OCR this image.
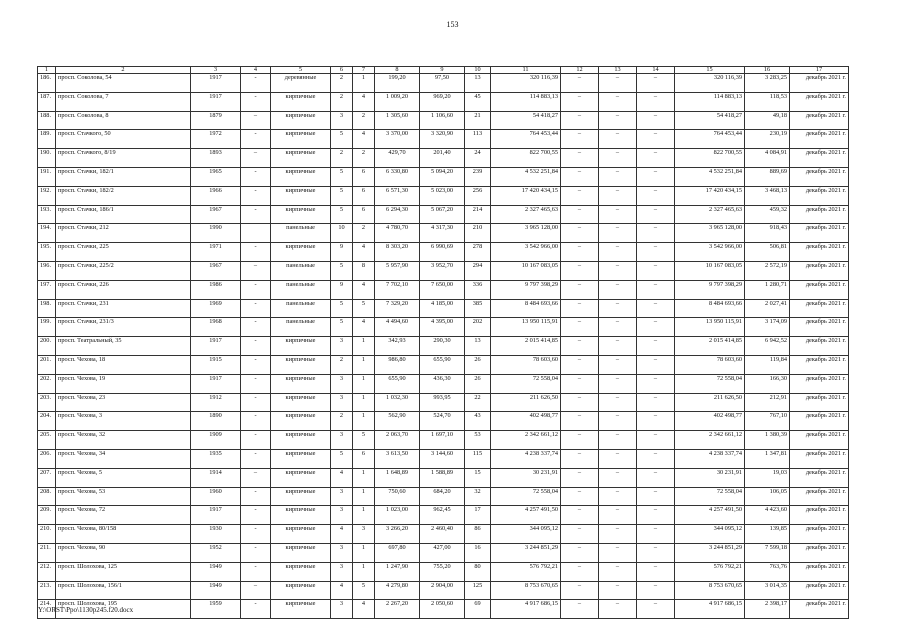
153
1	2	3	4	5	6	7	8	9	10	11	12	13	14	15	16	17
186.	просп. Соколова, 54	1917	-	деревянные	2	1	199,20	97,50	13	320 116,39	–	–	–	320 116,39	3 283,25	декабрь 2021 г.
187.	просп. Соколова, 7	1917	-	кирпичные	2	4	1 009,20	969,20	45	114 883,13	–	–	–	114 883,13	118,53	декабрь 2021 г.
188.	просп. Соколова, 8	1879	–	кирпичные	3	2	1 305,60	1 106,60	21	54 418,27	–	–	–	54 418,27	49,18	декабрь 2021 г.
189.	просп. Стачкого, 50	1972	-	кирпичные	5	4	3 370,00	3 320,90	113	764 453,44	–	–	–	764 453,44	230,19	декабрь 2021 г.
190.	просп. Стачкого, 8/19	1893	–	кирпичные	2	2	429,70	201,40	24	822 700,55	–	–	–	822 700,55	4 084,91	декабрь 2021 г.
191.	просп. Стачки, 182/1	1965	-	кирпичные	5	6	6 330,80	5 094,20	239	4 532 251,84	–	–	–	4 532 251,84	889,69	декабрь 2021 г.
192.	просп. Стачки, 182/2	1966	-	кирпичные	5	6	6 571,30	5 023,00	256	17 420 434,15	–	–	–	17 420 434,15	3 468,13	декабрь 2021 г.
193.	просп. Стачки, 186/1	1967	-	кирпичные	5	6	6 294,30	5 067,20	214	2 327 465,63	–	–	–	2 327 465,63	459,32	декабрь 2021 г.
194.	просп. Стачки, 212	1990		панельные	10	2	4 780,70	4 317,30	210	3 965 128,00	–	–	–	3 965 128,00	918,43	декабрь 2021 г.
195.	просп. Стачки, 225	1971	-	кирпичные	9	4	8 303,20	6 990,69	278	3 542 966,00	–	–	–	3 542 966,00	506,81	декабрь 2021 г.
196.	просп. Стачки, 225/2	1967	–	панельные	5	8	5 957,90	3 952,70	294	10 167 083,05	–	–	–	10 167 083,05	2 572,19	декабрь 2021 г.
197.	просп. Стачки, 226	1986	-	панельные	9	4	7 702,10	7 650,00	336	9 797 398,29	–	–	–	9 797 398,29	1 280,71	декабрь 2021 г.
198.	просп. Стачки, 231	1969	-	панельные	5	5	7 329,20	4 185,00	385	8 484 693,66	–	–	–	8 484 693,66	2 027,41	декабрь 2021 г.
199.	просп. Стачки, 231/3	1968	-	панельные	5	4	4 494,60	4 395,00	202	13 950 115,91	–	–	–	13 950 115,91	3 174,09	декабрь 2021 г.
200.	просп. Театральный, 35	1917	-	кирпичные	3	1	342,93	290,30	13	2 015 414,85	–	–	–	2 015 414,85	6 942,52	декабрь 2021 г.
201.	просп. Чехова, 18	1915	-	кирпичные	2	1	986,80	655,90	26	78 603,60	–	–	–	78 603,60	119,84	декабрь 2021 г.
202.	просп. Чехова, 19	1917	-	кирпичные	3	1	655,90	436,30	26	72 558,04	–	–	–	72 558,04	166,30	декабрь 2021 г.
203.	просп. Чехова, 23	1912	-	кирпичные	3	1	1 032,30	993,95	22	211 626,50	–	–	–	211 626,50	212,91	декабрь 2021 г.
204.	просп. Чехова, 3	1890	-	кирпичные	2	1	562,90	524,70	43	402 498,77	–	–	–	402 498,77	767,10	декабрь 2021 г.
205.	просп. Чехова, 32	1909	-	кирпичные	3	5	2 063,70	1 697,10	53	2 342 661,12	–	–	–	2 342 661,12	1 380,39	декабрь 2021 г.
206.	просп. Чехова, 34	1935	-	кирпичные	5	6	3 613,50	3 144,60	115	4 238 337,74	–	–	–	4 238 337,74	1 347,81	декабрь 2021 г.
207.	просп. Чехова, 5	1914	–	кирпичные	4	1	1 648,89	1 588,89	15	30 231,91	–	–	–	30 231,91	19,03	декабрь 2021 г.
208.	просп. Чехова, 53	1960	-	кирпичные	3	1	750,60	684,20	32	72 558,04	–	–	–	72 558,04	106,05	декабрь 2021 г.
209.	просп. Чехова, 72	1917	-	кирпичные	3	1	1 023,00	962,45	17	4 257 491,50	–	–	–	4 257 491,50	4 423,60	декабрь 2021 г.
210.	просп. Чехова, 80/158	1930	-	кирпичные	4	3	3 266,20	2 460,40	86	344 095,12	–	–	–	344 095,12	139,85	декабрь 2021 г.
211.	просп. Чехова, 90	1952	-	кирпичные	3	1	697,80	427,00	16	3 244 851,29	–	–	–	3 244 851,29	7 599,18	декабрь 2021 г.
212.	просп. Шолохова, 125	1949	-	кирпичные	3	1	1 247,90	755,20	80	576 792,21	–	–	–	576 792,21	763,76	декабрь 2021 г.
213.	просп. Шолохова, 156/1	1949	–	кирпичные	4	5	4 279,80	2 904,00	125	8 753 670,65	–	–	–	8 753 670,65	3 014,35	декабрь 2021 г.
214.	просп. Шолохова, 195	1959	-	кирпичные	3	4	2 267,20	2 050,60	69	4 917 686,15	–	–	–	4 917 686,15	2 398,17	декабрь 2021 г.
Y:\ORST\Ppo\1130p245.f20.docx
